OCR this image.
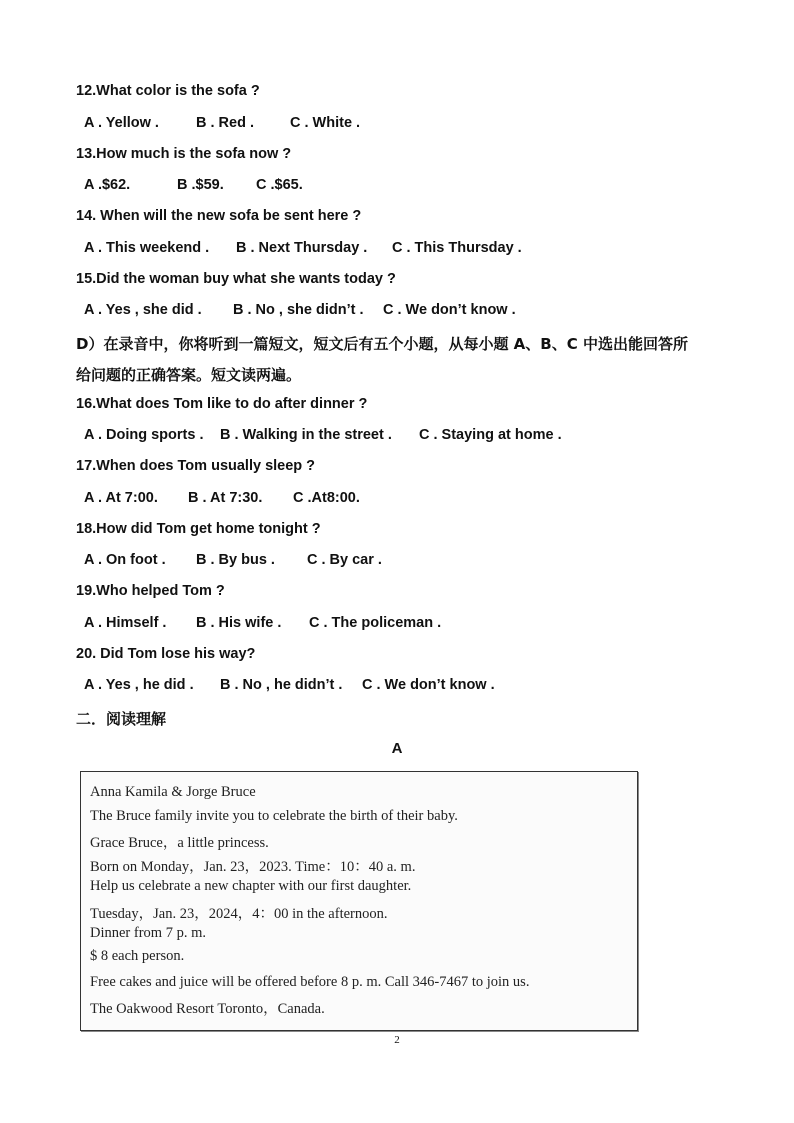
12.What color is the sofa ?
A . Yellow .	B . Red . C . White .
13.How much is the sofa now ?
A .$62.	B .$59. C .$65.
14. When will the new sofa be sent here ?
A . This weekend . B . Next Thursday . C . This Thursday .
15.Did the woman buy what she wants today ?
A . Yes , she did . B . No , she didn’t . C . We don’t know .
D）在录音中，你将听到一篇短文，短文后有五个小题，从每小题 A、B、C 中选出能回答所
给问题的正确答案。短文读两遍。
16.What does Tom like to do after dinner ?
A . Doing sports . B . Walking in the street . C . Staying at home .
17.When does Tom usually sleep ?
A . At 7:00. B . At 7:30. C .At8:00.
18.How did Tom get home tonight ?
A . On foot . B . By bus . C . By car .
19.Who helped Tom ?
A . Himself . B . His wife . C . The policeman .
20. Did Tom lose his way?
A . Yes , he did . B . No , he didn’t . C . We don’t know .
二．阅读理解
A
Anna Kamila & Jorge Bruce
The Bruce family invite you to celebrate the birth of their baby.
Grace Bruce，a little princess.
Born on Monday，Jan. 23，2023. Time：10：40 a. m.
Help us celebrate a new chapter with our first daughter.
Tuesday，Jan. 23，2024，4：00 in the afternoon.
Dinner from 7 p. m.
$ 8 each person.
Free cakes and juice will be offered before 8 p. m. Call 346-7467 to join us.
The Oakwood Resort Toronto，Canada.
2
